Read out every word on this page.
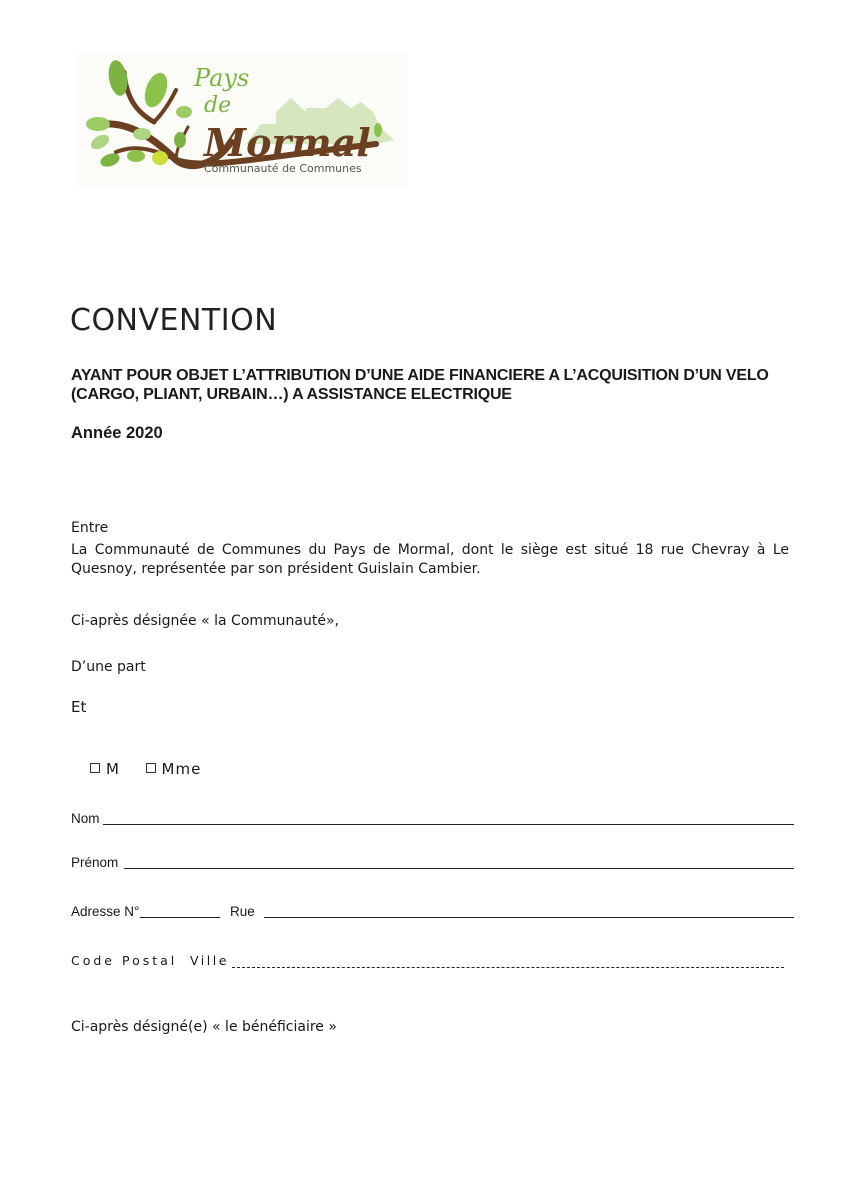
Pays
de
Mormal
Communauté de Communes
CONVENTION
AYANT POUR OBJET L’ATTRIBUTION D’UNE AIDE FINANCIERE A L’ACQUISITION D’UN VELO (CARGO, PLIANT, URBAIN…) A ASSISTANCE ELECTRIQUE
Année 2020
Entre
La Communauté de Communes du Pays de Mormal, dont le siège est situé 18 rue Chevray à Le Quesnoy, représentée par son président Guislain Cambier.
Ci-après désignée « la Communauté»,
D’une part
Et
M	Mme
Nom
Prénom
Adresse N°	Rue
Code Postal Ville
Ci-après désigné(e) « le bénéficiaire »
